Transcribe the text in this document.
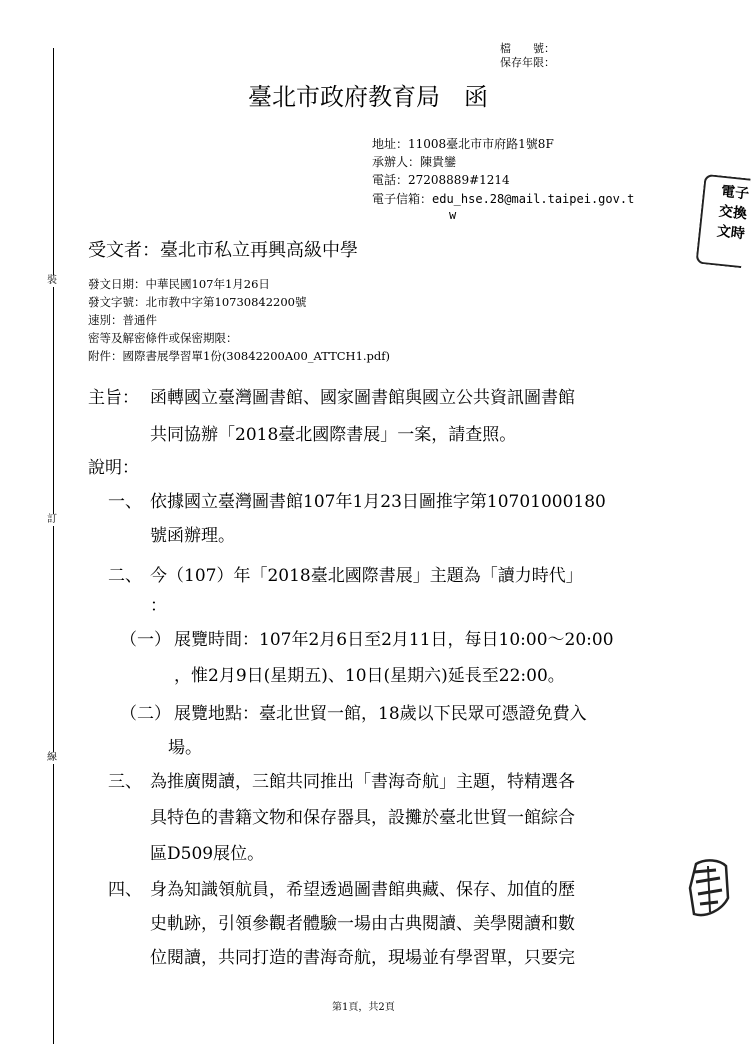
檔　　號：
保存年限：
裝
訂
線
臺北市政府教育局　函
地址：11008臺北市市府路1號8F
承辦人：陳貴鑾
電話：27208889#1214
電子信箱：edu_hse.28@mail.taipei.gov.t
w
受文者：臺北市私立再興高級中學
發文日期：中華民國107年1月26日
發文字號：北市教中字第10730842200號
速別：普通件
密等及解密條件或保密期限：
附件：國際書展學習單1份(30842200A00_ATTCH1.pdf)
主旨： 函轉國立臺灣圖書館、國家圖書館與國立公共資訊圖書館
共同協辦「2018臺北國際書展」一案，請查照。
說明：
一、 依據國立臺灣圖書館107年1月23日圖推字第10701000180
號函辦理。
二、 今（107）年「2018臺北國際書展」主題為「讀力時代」
：
（一） 展覽時間：107年2月6日至2月11日，每日10:00～20:00
，惟2月9日(星期五)、10日(星期六)延長至22:00。
（二） 展覽地點：臺北世貿一館，18歲以下民眾可憑證免費入
場。
三、 為推廣閱讀，三館共同推出「書海奇航」主題，特精選各
具特色的書籍文物和保存器具，設攤於臺北世貿一館綜合
區D509展位。
四、 身為知識領航員，希望透過圖書館典藏、保存、加值的歷
史軌跡，引領參觀者體驗一場由古典閱讀、美學閱讀和數
位閱讀，共同打造的書海奇航，現場並有學習單，只要完
電
子
交
換
文
時
第1頁，共2頁
